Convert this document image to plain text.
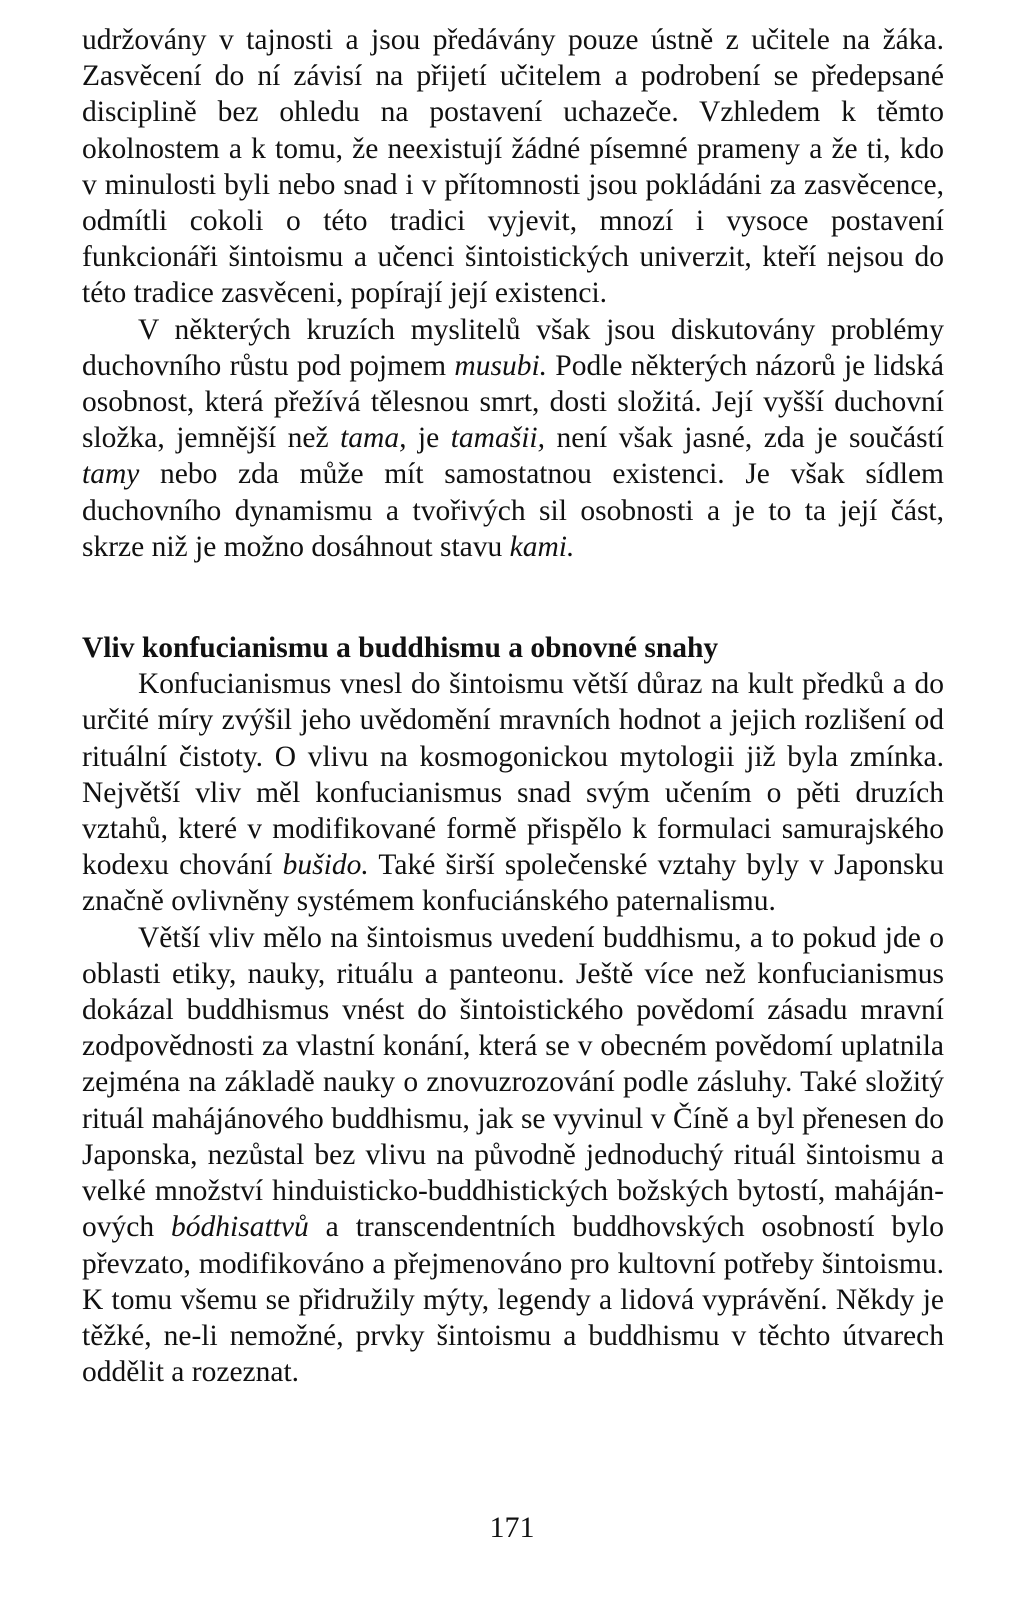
udržovány v tajnosti a jsou předávány pouze ústně z učitele na žáka. Zasvěcení do ní závisí na přijetí učitelem a podrobení se předepsané disciplině bez ohledu na postavení uchazeče. Vzhledem k těmto okolnostem a k tomu, že neexistují žádné písemné prameny a že ti, kdo v minulosti byli nebo snad i v přítomnosti jsou pokládáni za zasvěcence, odmítli cokoli o této tradici vyjevit, mnozí i vysoce postavení funkcionáři šintoismu a učenci šintoistických univerzit, kteří nejsou do této tradice zasvěceni, popírají její existenci.

V některých kruzích myslitelů však jsou diskutovány problémy duchovního růstu pod pojmem musubi. Podle některých názorů je lidská osobnost, která přežívá tělesnou smrt, dosti složitá. Její vyšší duchovní složka, jemnější než tama, je tamašii, není však jasné, zda je součástí tamy nebo zda může mít samostatnou existenci. Je však sídlem duchovního dynamismu a tvořivých sil osobnosti a je to ta její část, skrze niž je možno dosáhnout stavu kami.

Vliv konfucianismu a buddhismu a obnovné snahy

Konfucianismus vnesl do šintoismu větší důraz na kult předků a do určité míry zvýšil jeho uvědomění mravních hodnot a jejich rozlišení od rituální čistoty. O vlivu na kosmogonickou mytologii již byla zmínka. Největší vliv měl konfucianismus snad svým učením o pěti druzích vztahů, které v modifikované formě přispělo k formulaci samurajského kodexu chování bušido. Také širší společenské vztahy byly v Japonsku značně ovlivněny systémem konfuciánského paternalismu.

Větší vliv mělo na šintoismus uvedení buddhismu, a to pokud jde o oblasti etiky, nauky, rituálu a panteonu. Ještě více než konfucianismus dokázal buddhismus vnést do šintoistického povědomí zásadu mravní zodpovědnosti za vlastní konání, která se v obecném povědomí uplatnila zejména na základě nauky o znovuzrozování podle zásluhy. Také složitý rituál mahájánového buddhismu, jak se vyvinul v Číně a byl přenesen do Japonska, nezůstal bez vlivu na původně jednoduchý rituál šintoismu a velké množství hinduisticko-buddhistických božských bytostí, mahájánových bódhisattvů a transcendentních buddhovských osobností bylo převzato, modifikováno a přejmenováno pro kultovní potřeby šintoismu. K tomu všemu se přidružily mýty, legendy a lidová vyprávění. Někdy je těžké, ne-li nemožné, prvky šintoismu a buddhismu v těchto útvarech oddělit a rozeznat.

171
